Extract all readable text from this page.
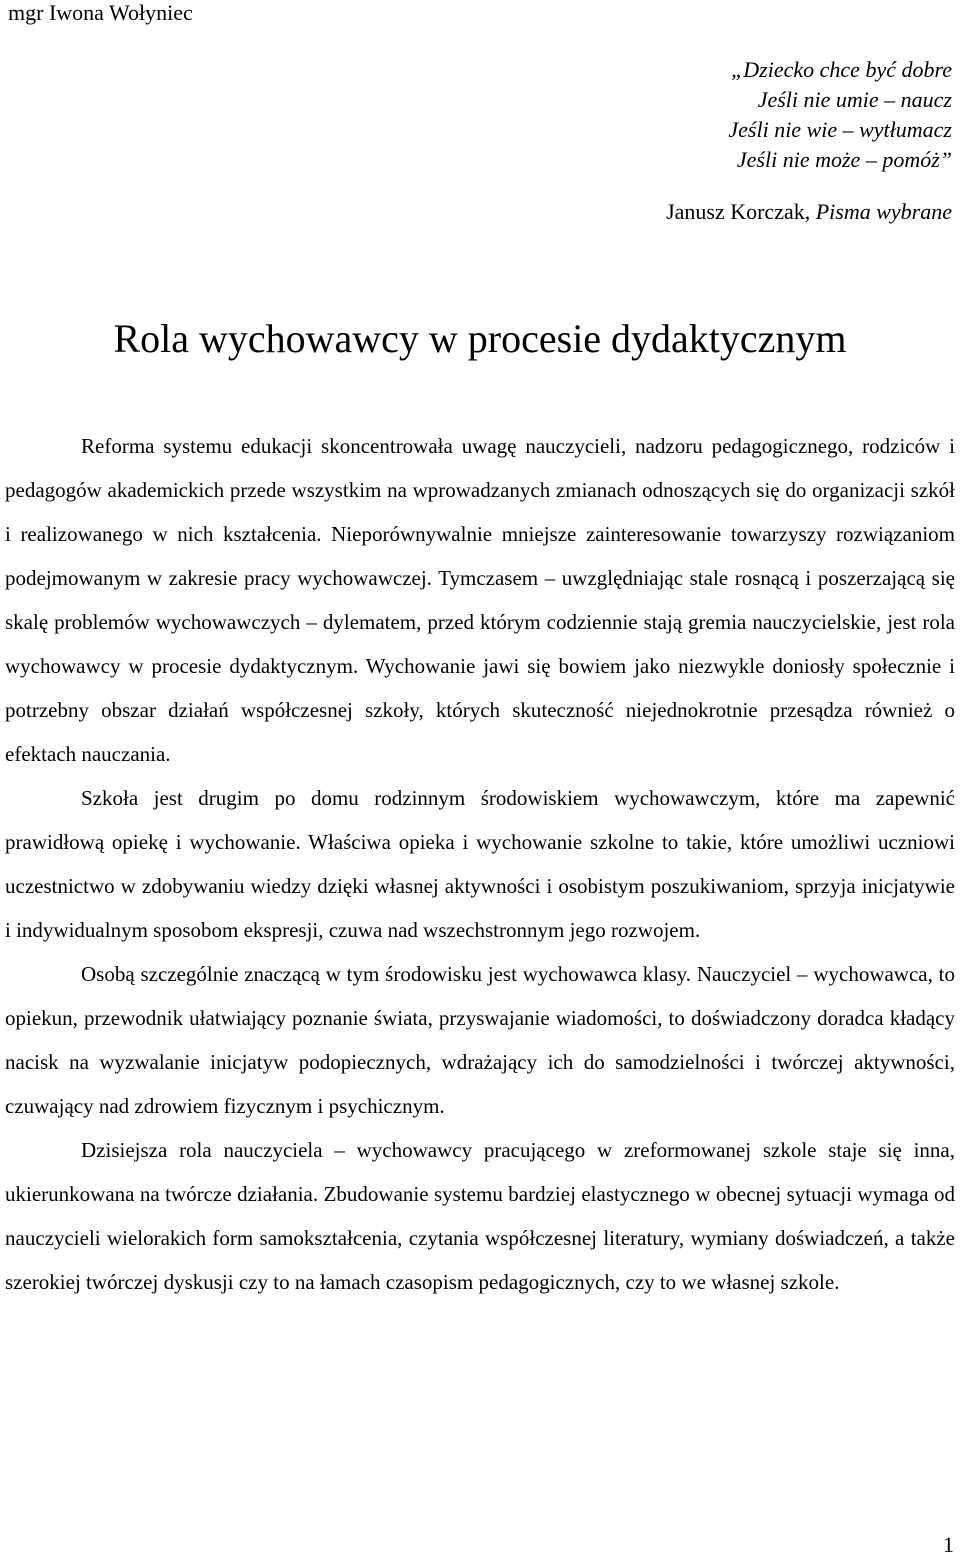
mgr Iwona Wołyniec
„Dziecko chce być dobre
Jeśli nie umie – naucz
Jeśli nie wie – wytłumacz
Jeśli nie może – pomóż”
Janusz Korczak, Pisma wybrane
Rola wychowawcy w procesie dydaktycznym

Reforma systemu edukacji skoncentrowała uwagę nauczycieli, nadzoru pedagogicznego, rodziców i pedagogów akademickich przede wszystkim na wprowadzanych zmianach odnoszących się do organizacji szkół i realizowanego w nich kształcenia. Nieporównywalnie mniejsze zainteresowanie towarzyszy rozwiązaniom podejmowanym w zakresie pracy wychowawczej. Tymczasem – uwzględniając stale rosnącą i poszerzającą się skalę problemów wychowawczych – dylematem, przed którym codziennie stają gremia nauczycielskie, jest rola wychowawcy w procesie dydaktycznym. Wychowanie jawi się bowiem jako niezwykle doniosły społecznie i potrzebny obszar działań współczesnej szkoły, których skuteczność niejednokrotnie przesądza również o efektach nauczania.

Szkoła jest drugim po domu rodzinnym środowiskiem wychowawczym, które ma zapewnić prawidłową opiekę i wychowanie. Właściwa opieka i wychowanie szkolne to takie, które umożliwi uczniowi uczestnictwo w zdobywaniu wiedzy dzięki własnej aktywności i osobistym poszukiwaniom, sprzyja inicjatywie i indywidualnym sposobom ekspresji, czuwa nad wszechstronnym jego rozwojem.

Osobą szczególnie znaczącą w tym środowisku jest wychowawca klasy. Nauczyciel – wychowawca, to opiekun, przewodnik ułatwiający poznanie świata, przyswajanie wiadomości, to doświadczony doradca kładący nacisk na wyzwalanie inicjatyw podopiecznych, wdrażający ich do samodzielności i twórczej aktywności, czuwający nad zdrowiem fizycznym i psychicznym.

Dzisiejsza rola nauczyciela – wychowawcy pracującego w zreformowanej szkole staje się inna, ukierunkowana na twórcze działania. Zbudowanie systemu bardziej elastycznego w obecnej sytuacji wymaga od nauczycieli wielorakich form samokształcenia, czytania współczesnej literatury, wymiany doświadczeń, a także szerokiej twórczej dyskusji czy to na łamach czasopism pedagogicznych, czy to we własnej szkole.

1
